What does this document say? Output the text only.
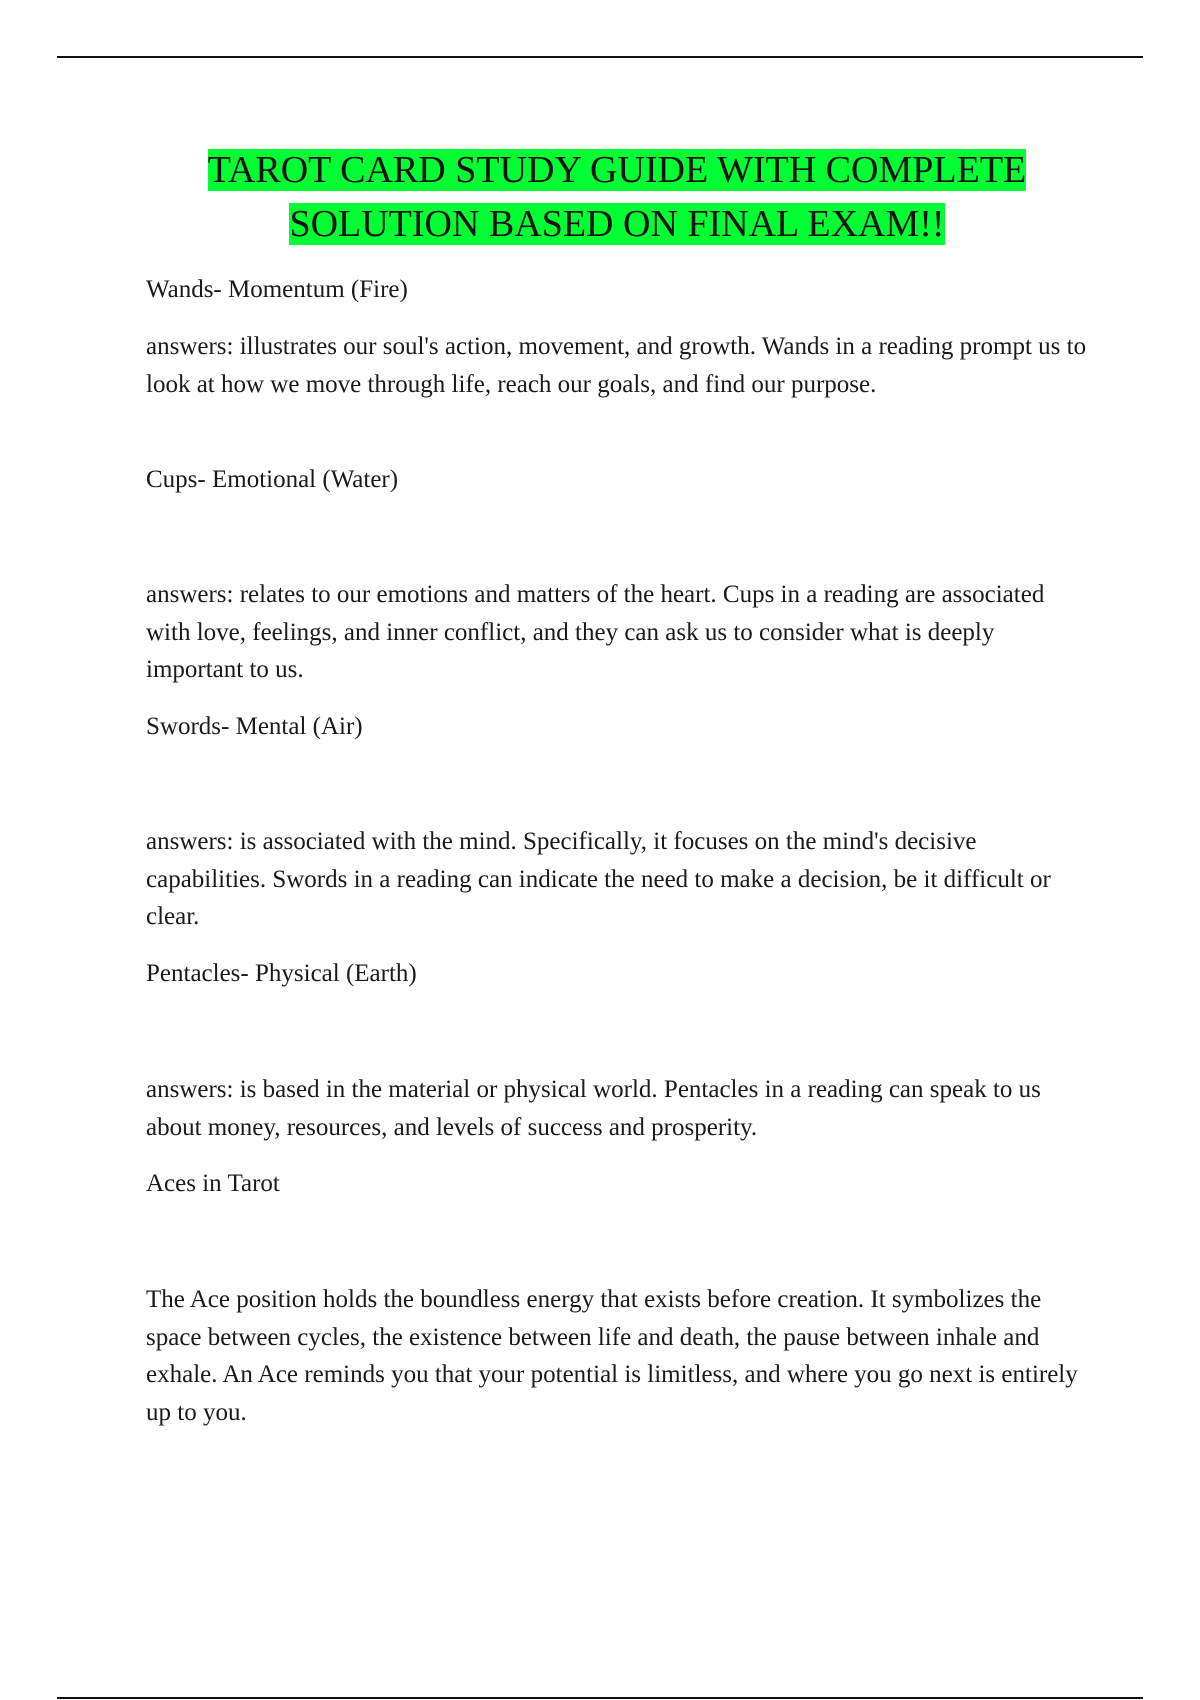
TAROT CARD STUDY GUIDE WITH COMPLETE
SOLUTION BASED ON FINAL EXAM!!

Wands- Momentum (Fire)

answers: illustrates our soul's action, movement, and growth. Wands in a reading prompt us to look at how we move through life, reach our goals, and find our purpose.

Cups- Emotional (Water)

answers: relates to our emotions and matters of the heart. Cups in a reading are associated with love, feelings, and inner conflict, and they can ask us to consider what is deeply important to us.

Swords- Mental (Air)

answers: is associated with the mind. Specifically, it focuses on the mind's decisive capabilities. Swords in a reading can indicate the need to make a decision, be it difficult or clear.

Pentacles- Physical (Earth)

answers: is based in the material or physical world. Pentacles in a reading can speak to us about money, resources, and levels of success and prosperity.

Aces in Tarot

The Ace position holds the boundless energy that exists before creation. It symbolizes the space between cycles, the existence between life and death, the pause between inhale and exhale. An Ace reminds you that your potential is limitless, and where you go next is entirely up to you.
